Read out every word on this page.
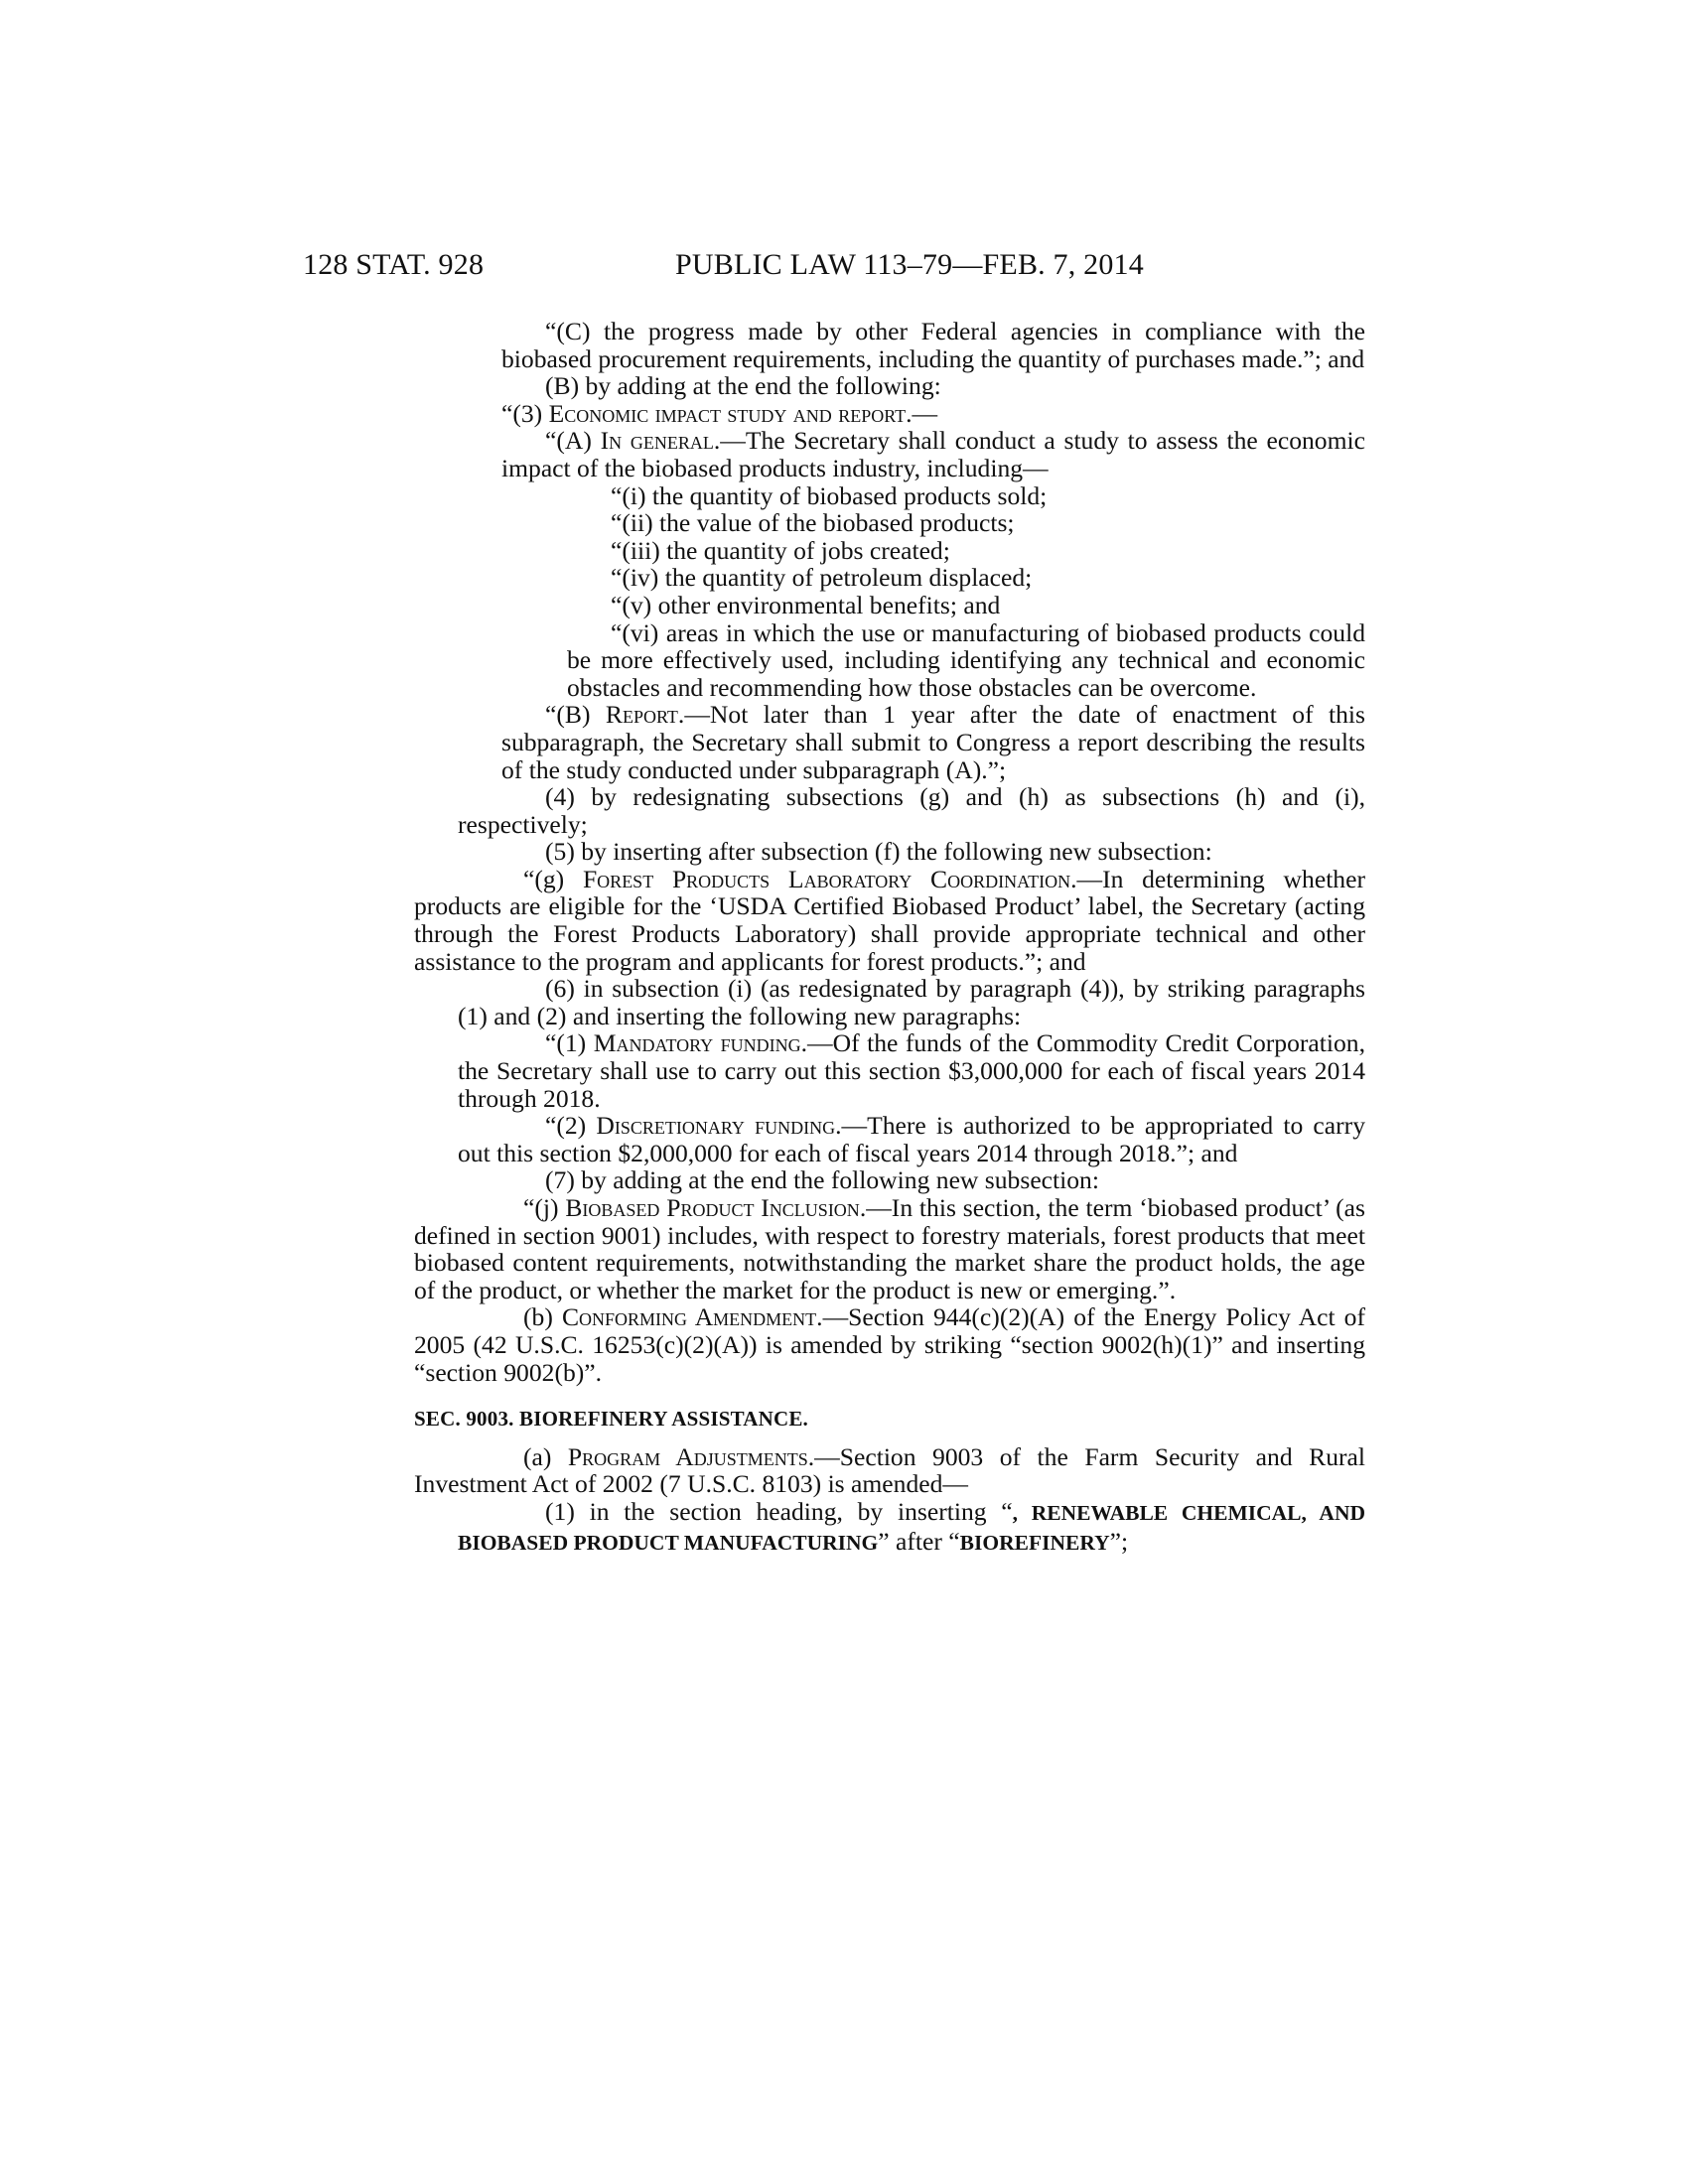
128 STAT. 928	PUBLIC LAW 113–79—FEB. 7, 2014

“(C) the progress made by other Federal agencies in compliance with the biobased procurement requirements, including the quantity of purchases made.”; and

(B) by adding at the end the following:

“(3) Economic impact study and report.—

“(A) In general.—The Secretary shall conduct a study to assess the economic impact of the biobased products industry, including—

“(i) the quantity of biobased products sold;

“(ii) the value of the biobased products;

“(iii) the quantity of jobs created;

“(iv) the quantity of petroleum displaced;

“(v) other environmental benefits; and

“(vi) areas in which the use or manufacturing of biobased products could be more effectively used, including identifying any technical and economic obstacles and recommending how those obstacles can be overcome.

“(B) Report.—Not later than 1 year after the date of enactment of this subparagraph, the Secretary shall submit to Congress a report describing the results of the study conducted under subparagraph (A).”;

(4) by redesignating subsections (g) and (h) as subsections (h) and (i), respectively;

(5) by inserting after subsection (f) the following new subsection:

“(g) Forest Products Laboratory Coordination.—In determining whether products are eligible for the ‘USDA Certified Biobased Product’ label, the Secretary (acting through the Forest Products Laboratory) shall provide appropriate technical and other assistance to the program and applicants for forest products.”; and

(6) in subsection (i) (as redesignated by paragraph (4)), by striking paragraphs (1) and (2) and inserting the following new paragraphs:

“(1) Mandatory funding.—Of the funds of the Commodity Credit Corporation, the Secretary shall use to carry out this section $3,000,000 for each of fiscal years 2014 through 2018.

“(2) Discretionary funding.—There is authorized to be appropriated to carry out this section $2,000,000 for each of fiscal years 2014 through 2018.”; and

(7) by adding at the end the following new subsection:

“(j) Biobased Product Inclusion.—In this section, the term ‘biobased product’ (as defined in section 9001) includes, with respect to forestry materials, forest products that meet biobased content requirements, notwithstanding the market share the product holds, the age of the product, or whether the market for the product is new or emerging.”.

(b) Conforming Amendment.—Section 944(c)(2)(A) of the Energy Policy Act of 2005 (42 U.S.C. 16253(c)(2)(A)) is amended by striking “section 9002(h)(1)” and inserting “section 9002(b)”.

SEC. 9003. BIOREFINERY ASSISTANCE.

(a) Program Adjustments.—Section 9003 of the Farm Security and Rural Investment Act of 2002 (7 U.S.C. 8103) is amended—

(1) in the section heading, by inserting “, RENEWABLE CHEMICAL, AND BIOBASED PRODUCT MANUFACTURING” after “BIOREFINERY”;
